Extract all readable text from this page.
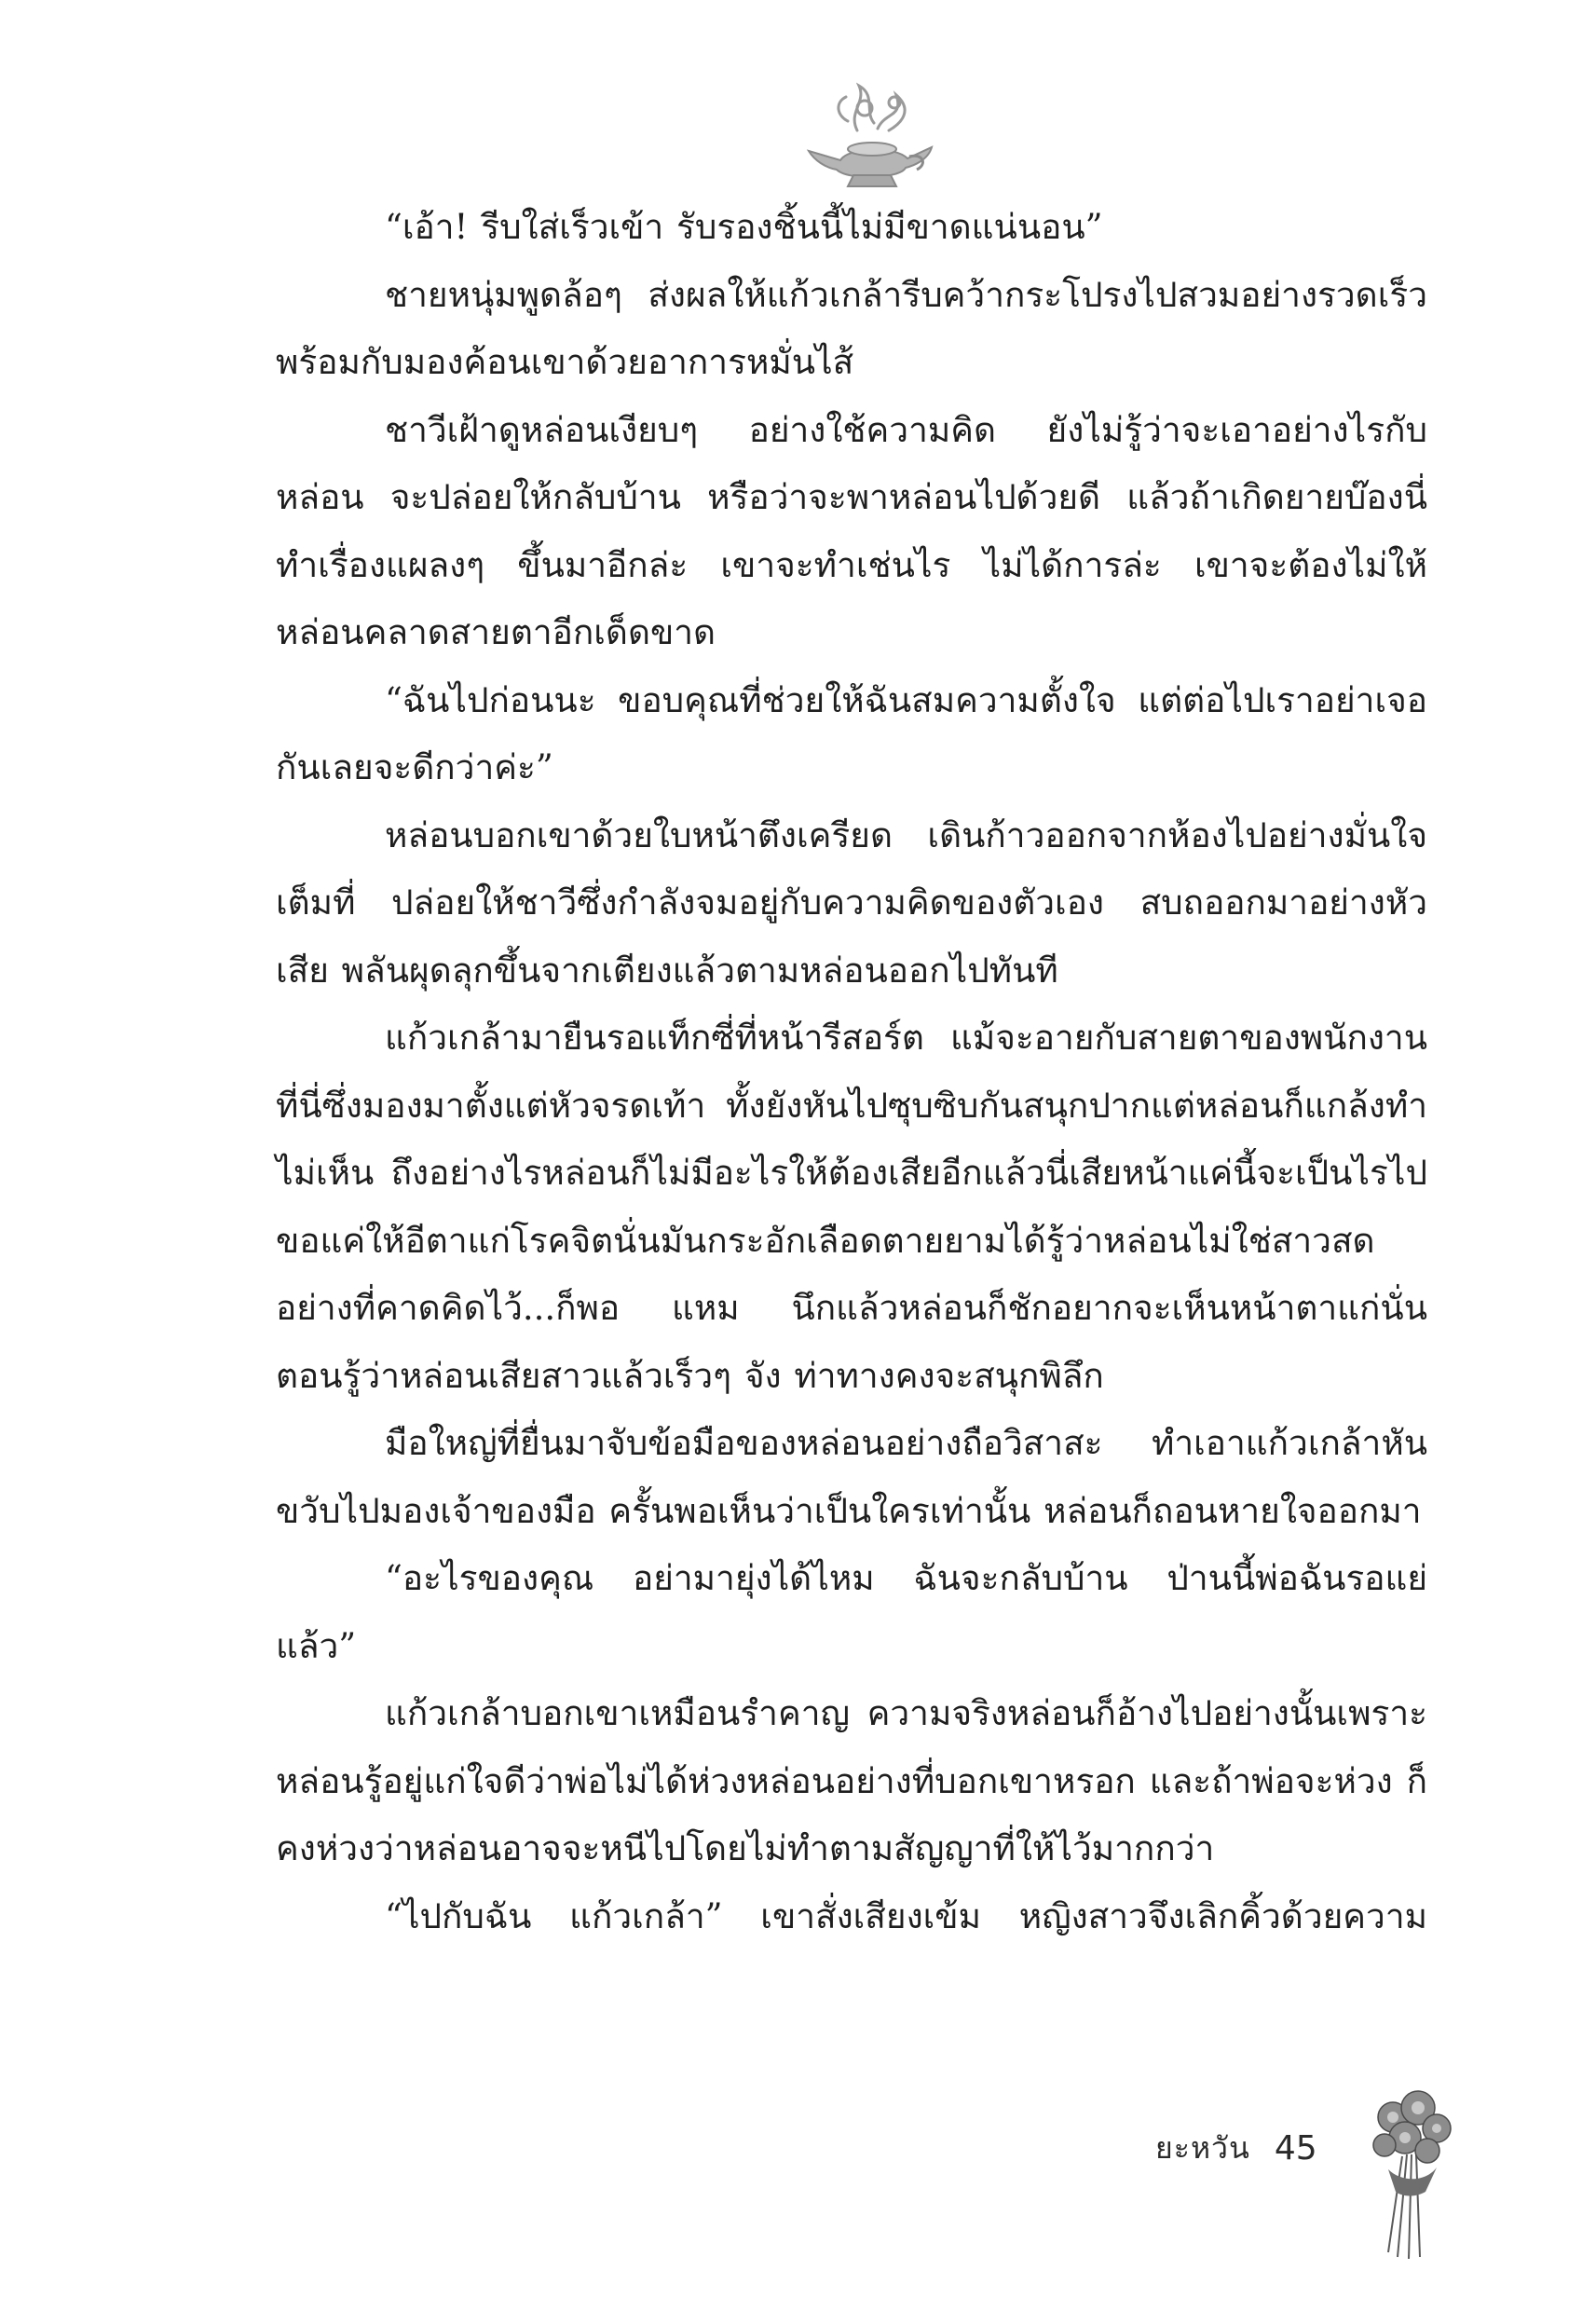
“เอ้า! รีบใส่เร็วเข้า รับรองชิ้นนี้ไม่มีขาดแน่นอน”

ชายหนุ่มพูดล้อๆ ส่งผลให้แก้วเกล้ารีบคว้ากระโปรงไปสวมอย่างรวดเร็ว พร้อมกับมองค้อนเขาด้วยอาการหมั่นไส้

ชาวีเฝ้าดูหล่อนเงียบๆ อย่างใช้ความคิด ยังไม่รู้ว่าจะเอาอย่างไรกับหล่อน จะปล่อยให้กลับบ้าน หรือว่าจะพาหล่อนไปด้วยดี แล้วถ้าเกิดยายบ๊องนี่ทำเรื่องแผลงๆ ขึ้นมาอีกล่ะ เขาจะทำเช่นไร ไม่ได้การล่ะ เขาจะต้องไม่ให้หล่อนคลาดสายตาอีกเด็ดขาด

“ฉันไปก่อนนะ ขอบคุณที่ช่วยให้ฉันสมความตั้งใจ แต่ต่อไปเราอย่าเจอกันเลยจะดีกว่าค่ะ”

หล่อนบอกเขาด้วยใบหน้าตึงเครียด เดินก้าวออกจากห้องไปอย่างมั่นใจเต็มที่ ปล่อยให้ชาวีซึ่งกำลังจมอยู่กับความคิดของตัวเอง สบถออกมาอย่างหัวเสีย พลันผุดลุกขึ้นจากเตียงแล้วตามหล่อนออกไปทันที

แก้วเกล้ามายืนรอแท็กซี่ที่หน้ารีสอร์ต แม้จะอายกับสายตาของพนักงานที่นี่ซึ่งมองมาตั้งแต่หัวจรดเท้า ทั้งยังหันไปซุบซิบกันสนุกปากแต่หล่อนก็แกล้งทำไม่เห็น ถึงอย่างไรหล่อนก็ไม่มีอะไรให้ต้องเสียอีกแล้วนี่เสียหน้าแค่นี้จะเป็นไรไป ขอแค่ให้อีตาแก่โรคจิตนั่นมันกระอักเลือดตายยามได้รู้ว่าหล่อนไม่ใช่สาวสดอย่างที่คาดคิดไว้...ก็พอ แหม นึกแล้วหล่อนก็ชักอยากจะเห็นหน้าตาแก่นั่น ตอนรู้ว่าหล่อนเสียสาวแล้วเร็วๆ จัง ท่าทางคงจะสนุกพิลึก

มือใหญ่ที่ยื่นมาจับข้อมือของหล่อนอย่างถือวิสาสะ ทำเอาแก้วเกล้าหันขวับไปมองเจ้าของมือ ครั้นพอเห็นว่าเป็นใครเท่านั้น หล่อนก็ถอนหายใจออกมา

“อะไรของคุณ อย่ามายุ่งได้ไหม ฉันจะกลับบ้าน ป่านนี้พ่อฉันรอแย่แล้ว”

แก้วเกล้าบอกเขาเหมือนรำคาญ ความจริงหล่อนก็อ้างไปอย่างนั้นเพราะหล่อนรู้อยู่แก่ใจดีว่าพ่อไม่ได้ห่วงหล่อนอย่างที่บอกเขาหรอก และถ้าพ่อจะห่วง ก็คงห่วงว่าหล่อนอาจจะหนีไปโดยไม่ทำตามสัญญาที่ให้ไว้มากกว่า

“ไปกับฉัน แก้วเกล้า” เขาสั่งเสียงเข้ม หญิงสาวจึงเลิกคิ้วด้วยความ

ยะหวัน 45
